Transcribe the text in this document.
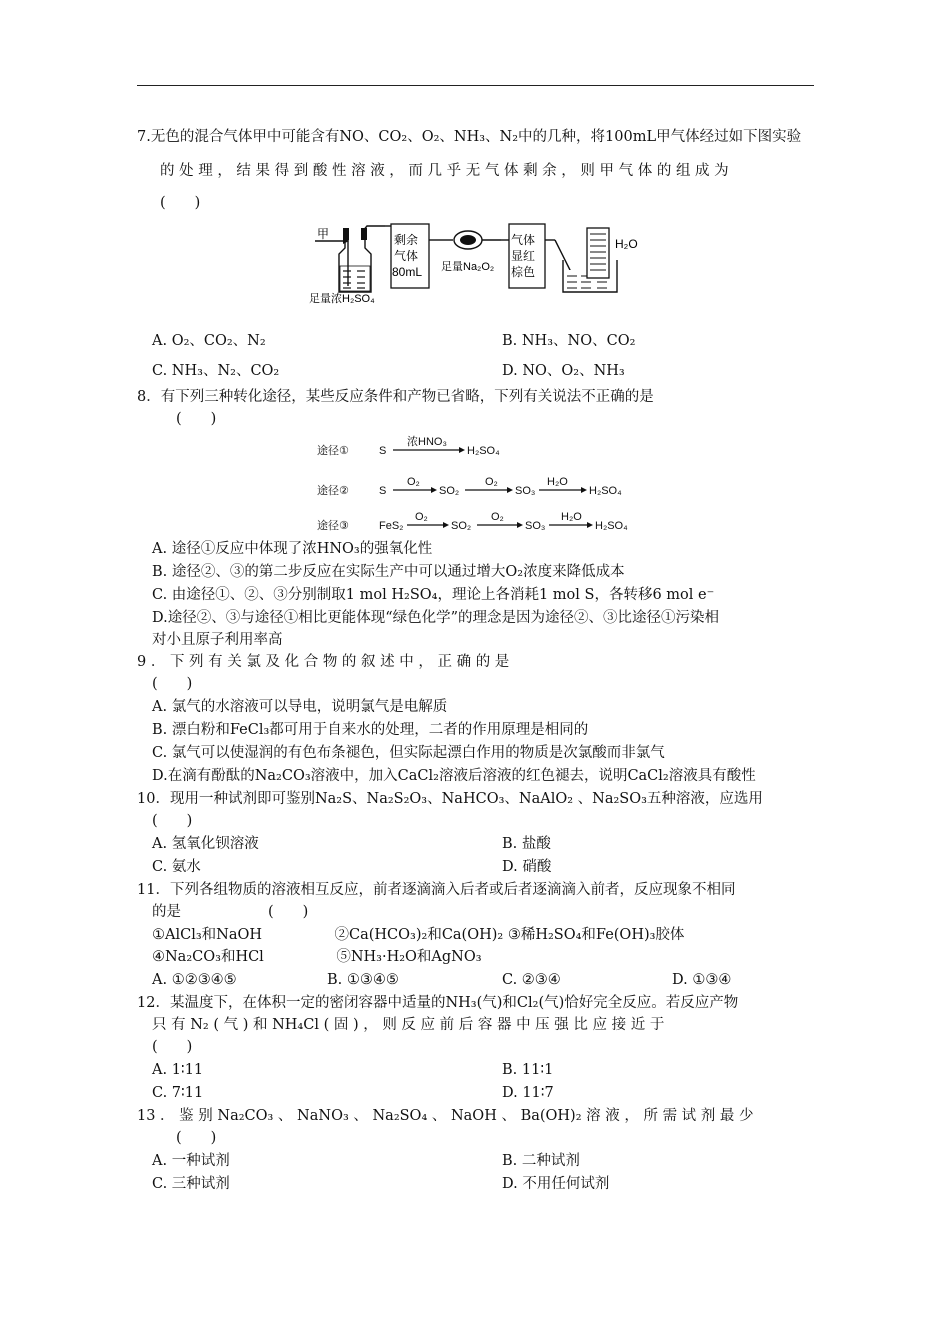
7.无色的混合气体甲中可能含有NO、CO₂、O₂、NH₃、N₂中的几种，将100mL甲气体经过如下图实验
的 处 理 ， 结 果 得 到 酸 性 溶 液 ， 而 几 乎 无 气 体 剩 余 ， 则 甲 气 体 的 组 成 为
(　　)
甲
足量浓H₂SO₄
剩余
气体
80mL 足量Na₂O₂
气体
显红
棕色
H₂O
A. O₂、CO₂、N₂	B. NH₃、NO、CO₂
C. NH₃、N₂、CO₂	D. NO、O₂、NH₃
8．有下列三种转化途径，某些反应条件和产物已省略，下列有关说法不正确的是
(　　)
途径①	S
浓HNO₃
H₂SO₄
途径②	S
O₂
SO₂
O₂
SO₃
H₂O
H₂SO₄
途径③	FeS₂
O₂
SO₂
O₂
SO₃
H₂O
H₂SO₄
A. 途径①反应中体现了浓HNO₃的强氧化性
B. 途径②、③的第二步反应在实际生产中可以通过增大O₂浓度来降低成本
C. 由途径①、②、③分别制取1 mol H₂SO₄，理论上各消耗1 mol S，各转移6 mol e⁻
D.途径②、③与途径①相比更能体现“绿色化学”的理念是因为途径②、③比途径①污染相
对小且原子利用率高
9 ． 下 列 有 关 氯 及 化 合 物 的 叙 述 中 ， 正 确 的 是
(　　)
A. 氯气的水溶液可以导电，说明氯气是电解质
B. 漂白粉和FeCl₃都可用于自来水的处理，二者的作用原理是相同的
C. 氯气可以使湿润的有色布条褪色，但实际起漂白作用的物质是次氯酸而非氯气
D.在滴有酚酞的Na₂CO₃溶液中，加入CaCl₂溶液后溶液的红色褪去，说明CaCl₂溶液具有酸性
10．现用一种试剂即可鉴别Na₂S、Na₂S₂O₃、NaHCO₃、NaAlO₂ 、Na₂SO₃五种溶液，应选用
(　　)
A. 氢氧化钡溶液	B. 盐酸
C. 氨水	D. 硝酸
11．下列各组物质的溶液相互反应，前者逐滴滴入后者或后者逐滴滴入前者，反应现象不相同
的是　　　　　　(　　)
①AlCl₃和NaOH　　　　　②Ca(HCO₃)₂和Ca(OH)₂ ③稀H₂SO₄和Fe(OH)₃胶体
④Na₂CO₃和HCl　　　　　⑤NH₃·H₂O和AgNO₃
A. ①②③④⑤	B. ①③④⑤	C. ②③④	D. ①③④
12．某温度下，在体积一定的密闭容器中适量的NH₃(气)和Cl₂(气)恰好完全反应。若反应产物
只 有 N₂ ( 气 ) 和 NH₄Cl ( 固 ) ， 则 反 应 前 后 容 器 中 压 强 比 应 接 近 于
(　　)
A. 1∶11	B. 11∶1
C. 7∶11	D. 11∶7
13 ． 鉴 别 Na₂CO₃ 、 NaNO₃ 、 Na₂SO₄ 、 NaOH 、 Ba(OH)₂ 溶 液 ， 所 需 试 剂 最 少
(　　)
A. 一种试剂	B. 二种试剂
C. 三种试剂	D. 不用任何试剂
